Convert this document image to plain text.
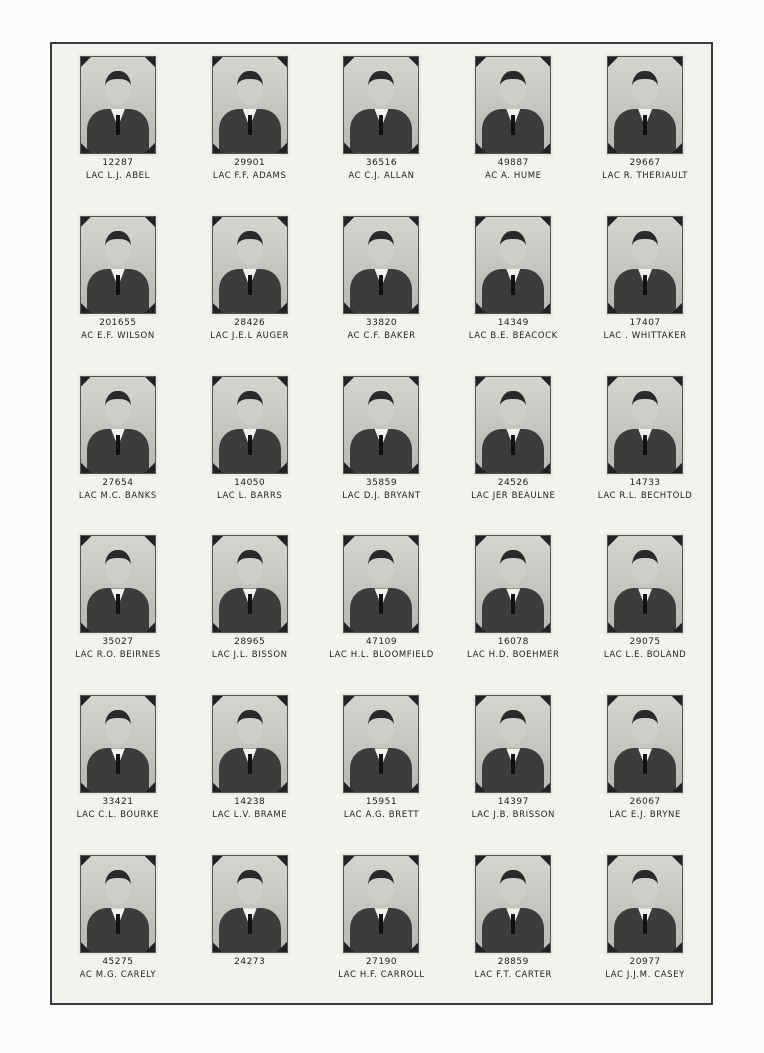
12287
LAC L.J. ABEL
29901
LAC F.F. ADAMS
36516
AC C.J. ALLAN
49887
AC A. HUME
29667
LAC R. THERIAULT
201655
AC E.F. WILSON
28426
LAC J.E.L AUGER
33820
AC C.F. BAKER
14349
LAC B.E. BEACOCK
17407
LAC . WHITTAKER
27654
LAC M.C. BANKS
14050
LAC L. BARRS
35859
LAC D.J. BRYANT
24526
LAC JER BEAULNE
14733
LAC R.L. BECHTOLD
35027
LAC R.O. BEIRNES
28965
LAC J.L. BISSON
47109
LAC H.L. BLOOMFIELD
16078
LAC H.D. BOEHMER
29075
LAC L.E. BOLAND
33421
LAC C.L. BOURKE
14238
LAC L.V. BRAME
15951
LAC A.G. BRETT
14397
LAC J.B. BRISSON
26067
LAC E.J. BRYNE
45275
AC M.G. CARELY
24273	27190
LAC H.F. CARROLL
28859
LAC F.T. CARTER
20977
LAC J.J.M. CASEY
